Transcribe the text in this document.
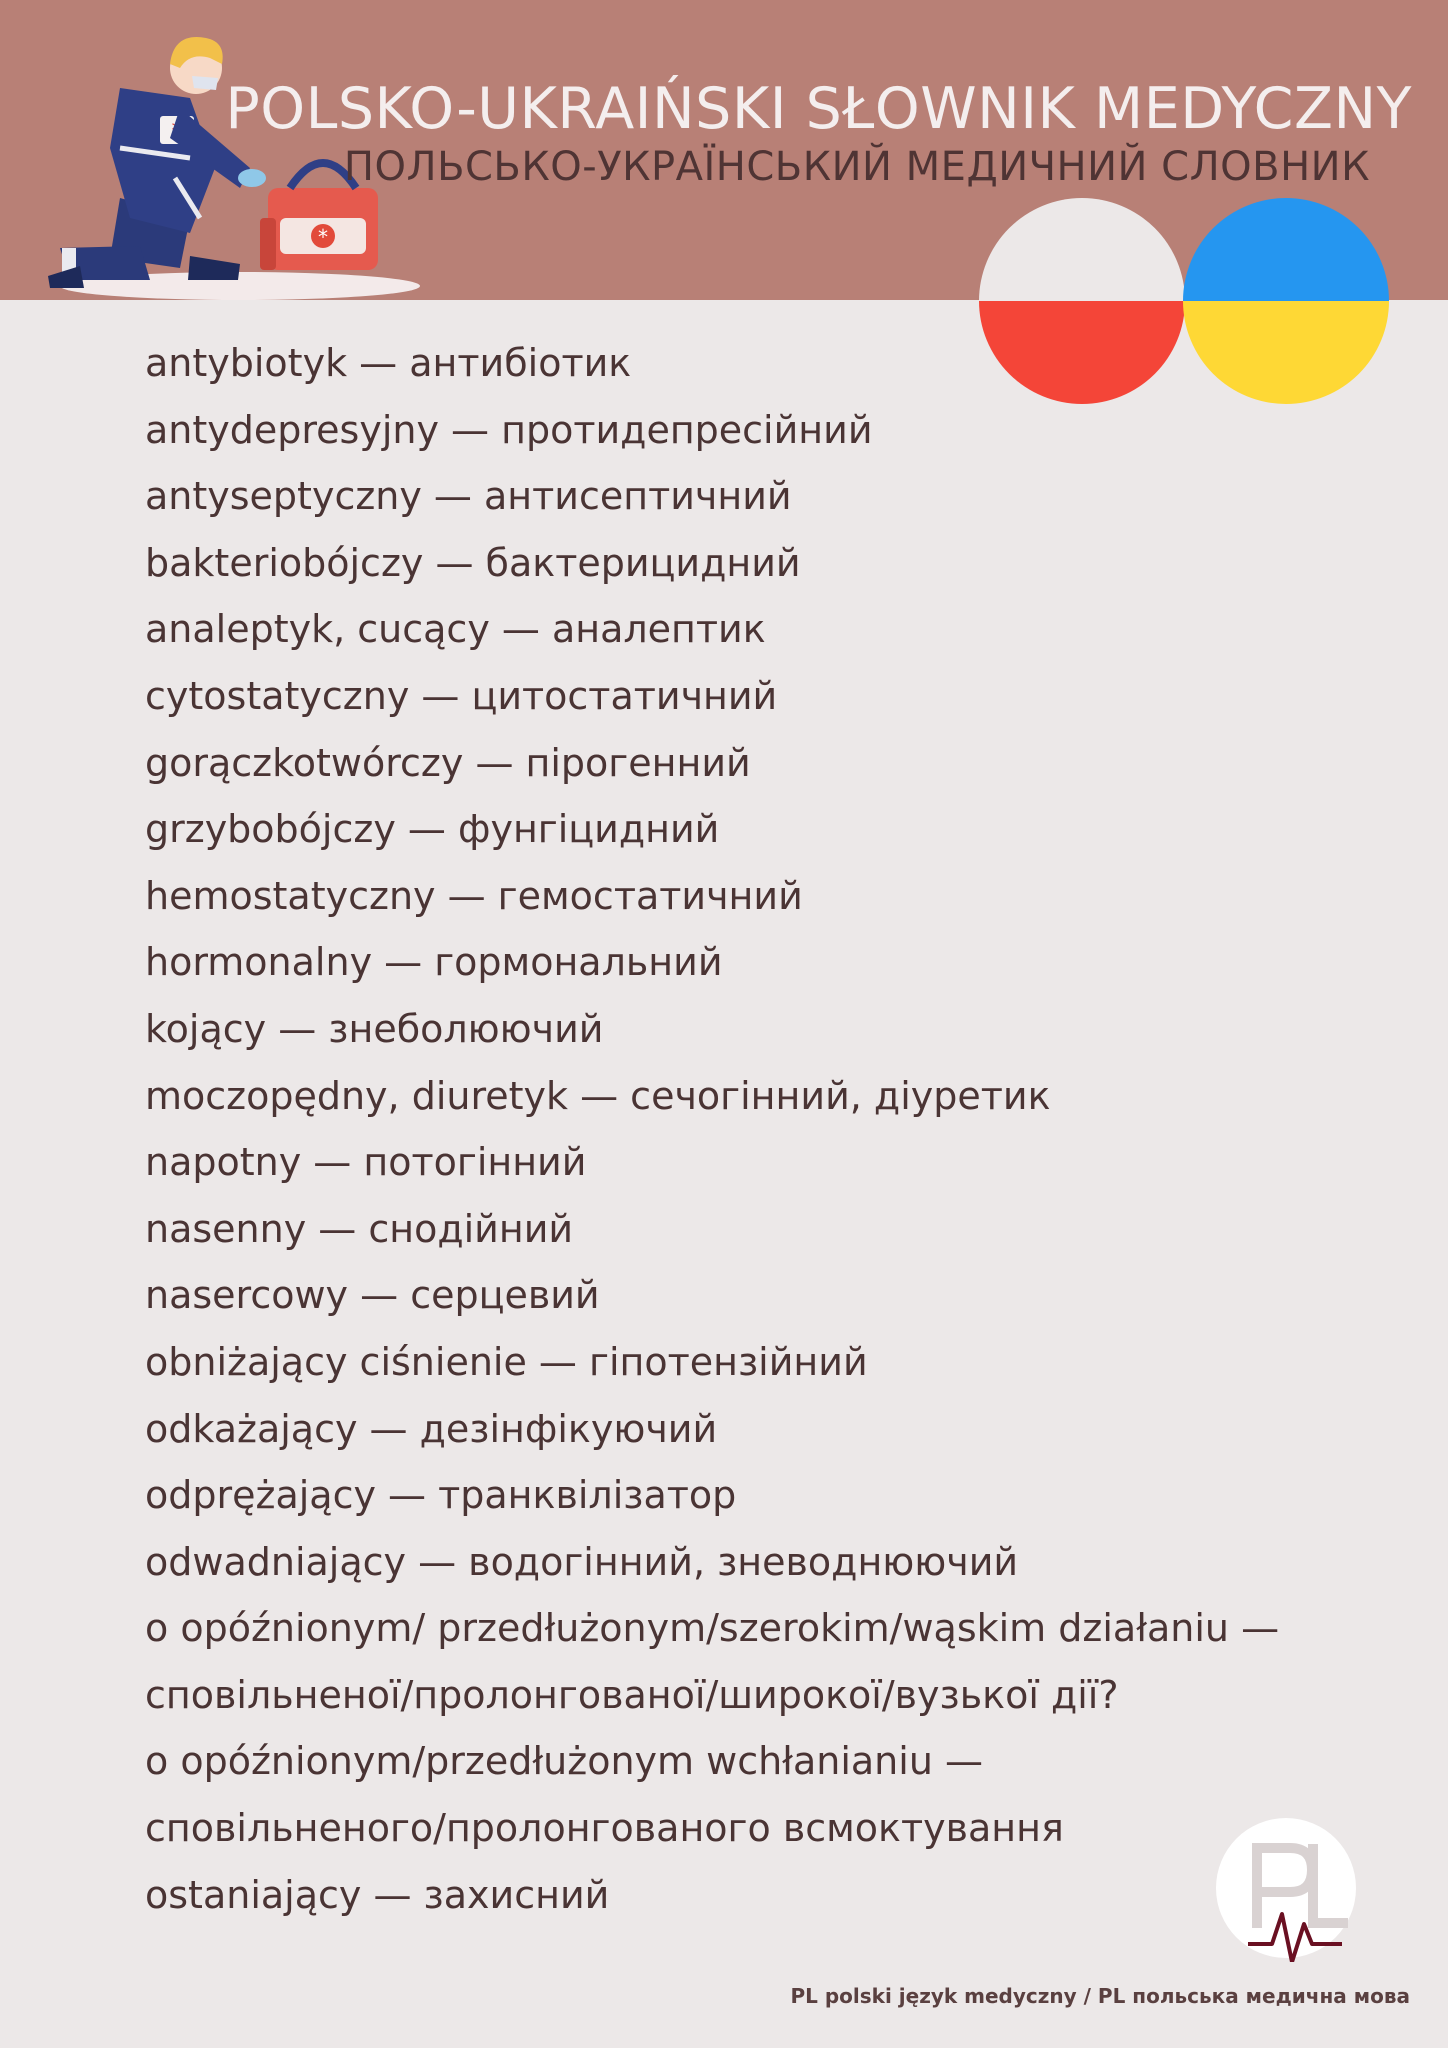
*
POLSKO-UKRAIŃSKI SŁOWNIK MEDYCZNY
ПОЛЬСЬКО-УКРАЇНСЬКИЙ МЕДИЧНИЙ СЛОВНИК
antybiotyk — антибіотик
antydepresyjny — протидепресійний
antyseptyczny — антисептичний
bakteriobójczy — бактерицидний
analeptyk, cucący — аналептик
cytostatyczny — цитостатичний
gorączkotwórczy — пірогенний
grzybobójczy — фунгіцидний
hemostatyczny — гемостатичний
hormonalny — гормональний
kojący — знеболюючий
moczopędny, diuretyk — сечогінний, діуретик
napotny — потогінний
nasenny — снодійний
nasercowy — серцевий
obniżający ciśnienie — гіпотензійний
odkażający — дезінфікуючий
odprężający — транквілізатор
odwadniający — водогінний, зневоднюючий
o opóźnionym/ przedłużonym/szerokim/wąskim działaniu —
сповільненої/пролонгованої/широкої/вузької дії?
o opóźnionym/przedłużonym wchłanianiu —
сповільненого/пролонгованого всмоктування
ostaniający — захисний
PL polski język medyczny / PL польська медична мова
